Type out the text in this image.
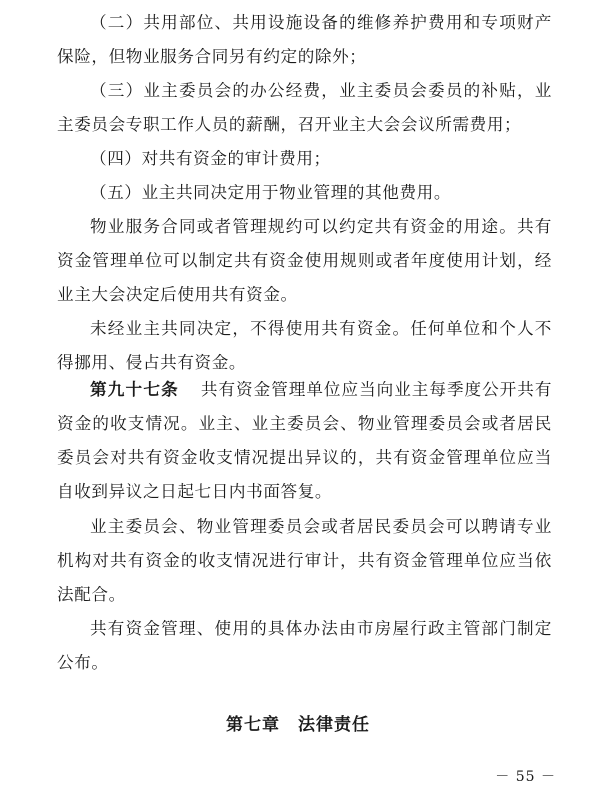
（二）共用部位、共用设施设备的维修养护费用和专项财产保险，但物业服务合同另有约定的除外；

（三）业主委员会的办公经费，业主委员会委员的补贴，业主委员会专职工作人员的薪酬，召开业主大会会议所需费用；

（四）对共有资金的审计费用；

（五）业主共同决定用于物业管理的其他费用。

物业服务合同或者管理规约可以约定共有资金的用途。共有资金管理单位可以制定共有资金使用规则或者年度使用计划，经业主大会决定后使用共有资金。

未经业主共同决定，不得使用共有资金。任何单位和个人不得挪用、侵占共有资金。

第九十七条 共有资金管理单位应当向业主每季度公开共有资金的收支情况。业主、业主委员会、物业管理委员会或者居民委员会对共有资金收支情况提出异议的，共有资金管理单位应当自收到异议之日起七日内书面答复。

业主委员会、物业管理委员会或者居民委员会可以聘请专业机构对共有资金的收支情况进行审计，共有资金管理单位应当依法配合。

共有资金管理、使用的具体办法由市房屋行政主管部门制定公布。

第七章　法律责任

－ 55 －
